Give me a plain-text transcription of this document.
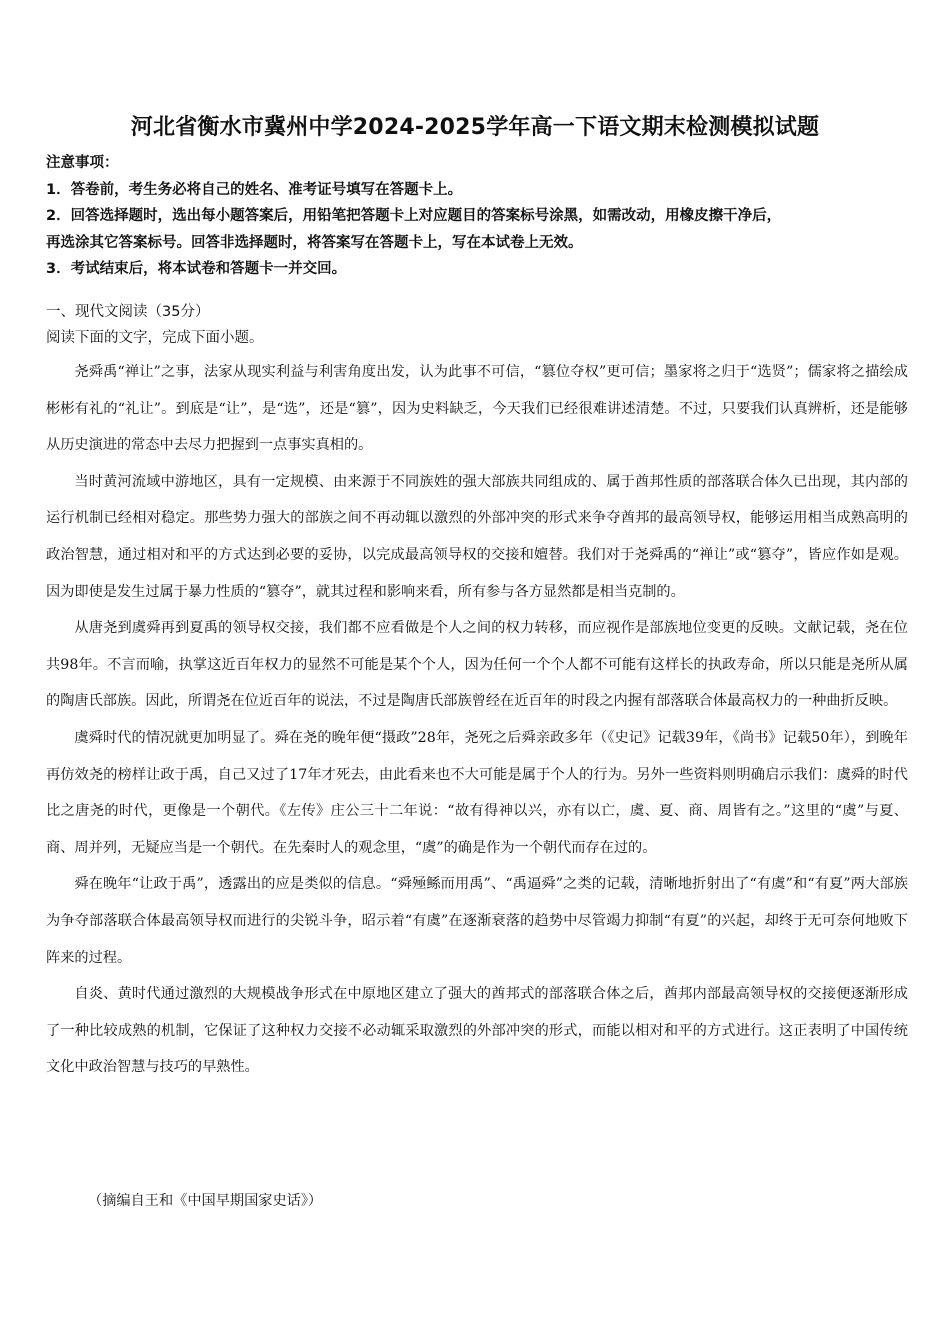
河北省衡水市冀州中学2024-2025学年高一下语文期末检测模拟试题
注意事项：
1．答卷前，考生务必将自己的姓名、准考证号填写在答题卡上。
2．回答选择题时，选出每小题答案后，用铅笔把答题卡上对应题目的答案标号涂黑，如需改动，用橡皮擦干净后，
再选涂其它答案标号。回答非选择题时，将答案写在答题卡上，写在本试卷上无效。
3．考试结束后，将本试卷和答题卡一并交回。
一、现代文阅读（35分）
阅读下面的文字，完成下面小题。

尧舜禹“禅让”之事，法家从现实利益与利害角度出发，认为此事不可信，“篡位夺权”更可信；墨家将之归于“选贤”；儒家将之描绘成彬彬有礼的“礼让”。到底是“让”，是“选”，还是“篡”，因为史料缺乏，今天我们已经很难讲述清楚。不过，只要我们认真辨析，还是能够从历史演进的常态中去尽力把握到一点事实真相的。

当时黄河流域中游地区，具有一定规模、由来源于不同族姓的强大部族共同组成的、属于酋邦性质的部落联合体久已出现，其内部的运行机制已经相对稳定。那些势力强大的部族之间不再动辄以激烈的外部冲突的形式来争夺酋邦的最高领导权，能够运用相当成熟高明的政治智慧，通过相对和平的方式达到必要的妥协，以完成最高领导权的交接和嬗替。我们对于尧舜禹的“禅让”或“篡夺”，皆应作如是观。因为即使是发生过属于暴力性质的“篡夺”，就其过程和影响来看，所有参与各方显然都是相当克制的。

从唐尧到虞舜再到夏禹的领导权交接，我们都不应看做是个人之间的权力转移，而应视作是部族地位变更的反映。文献记载，尧在位共98年。不言而喻，执掌这近百年权力的显然不可能是某个个人，因为任何一个个人都不可能有这样长的执政寿命，所以只能是尧所从属的陶唐氏部族。因此，所谓尧在位近百年的说法，不过是陶唐氏部族曾经在近百年的时段之内握有部落联合体最高权力的一种曲折反映。

虞舜时代的情况就更加明显了。舜在尧的晚年便“摄政”28年，尧死之后舜亲政多年（《史记》记载39年，《尚书》记载50年），到晚年再仿效尧的榜样让政于禹，自己又过了17年才死去，由此看来也不大可能是属于个人的行为。另外一些资料则明确启示我们：虞舜的时代比之唐尧的时代，更像是一个朝代。《左传》庄公三十二年说：“故有得神以兴，亦有以亡，虞、夏、商、周皆有之。”这里的“虞”与夏、商、周并列，无疑应当是一个朝代。在先秦时人的观念里，“虞”的确是作为一个朝代而存在过的。

舜在晚年“让政于禹”，透露出的应是类似的信息。“舜殛鲧而用禹”、“禹逼舜”之类的记载，清晰地折射出了“有虞”和“有夏”两大部族为争夺部落联合体最高领导权而进行的尖锐斗争，昭示着“有虞”在逐渐衰落的趋势中尽管竭力抑制“有夏”的兴起，却终于无可奈何地败下阵来的过程。

自炎、黄时代通过激烈的大规模战争形式在中原地区建立了强大的酋邦式的部落联合体之后，酋邦内部最高领导权的交接便逐渐形成了一种比较成熟的机制，它保证了这种权力交接不必动辄采取激烈的外部冲突的形式，而能以相对和平的方式进行。这正表明了中国传统文化中政治智慧与技巧的早熟性。

（摘编自王和《中国早期国家史话》）
